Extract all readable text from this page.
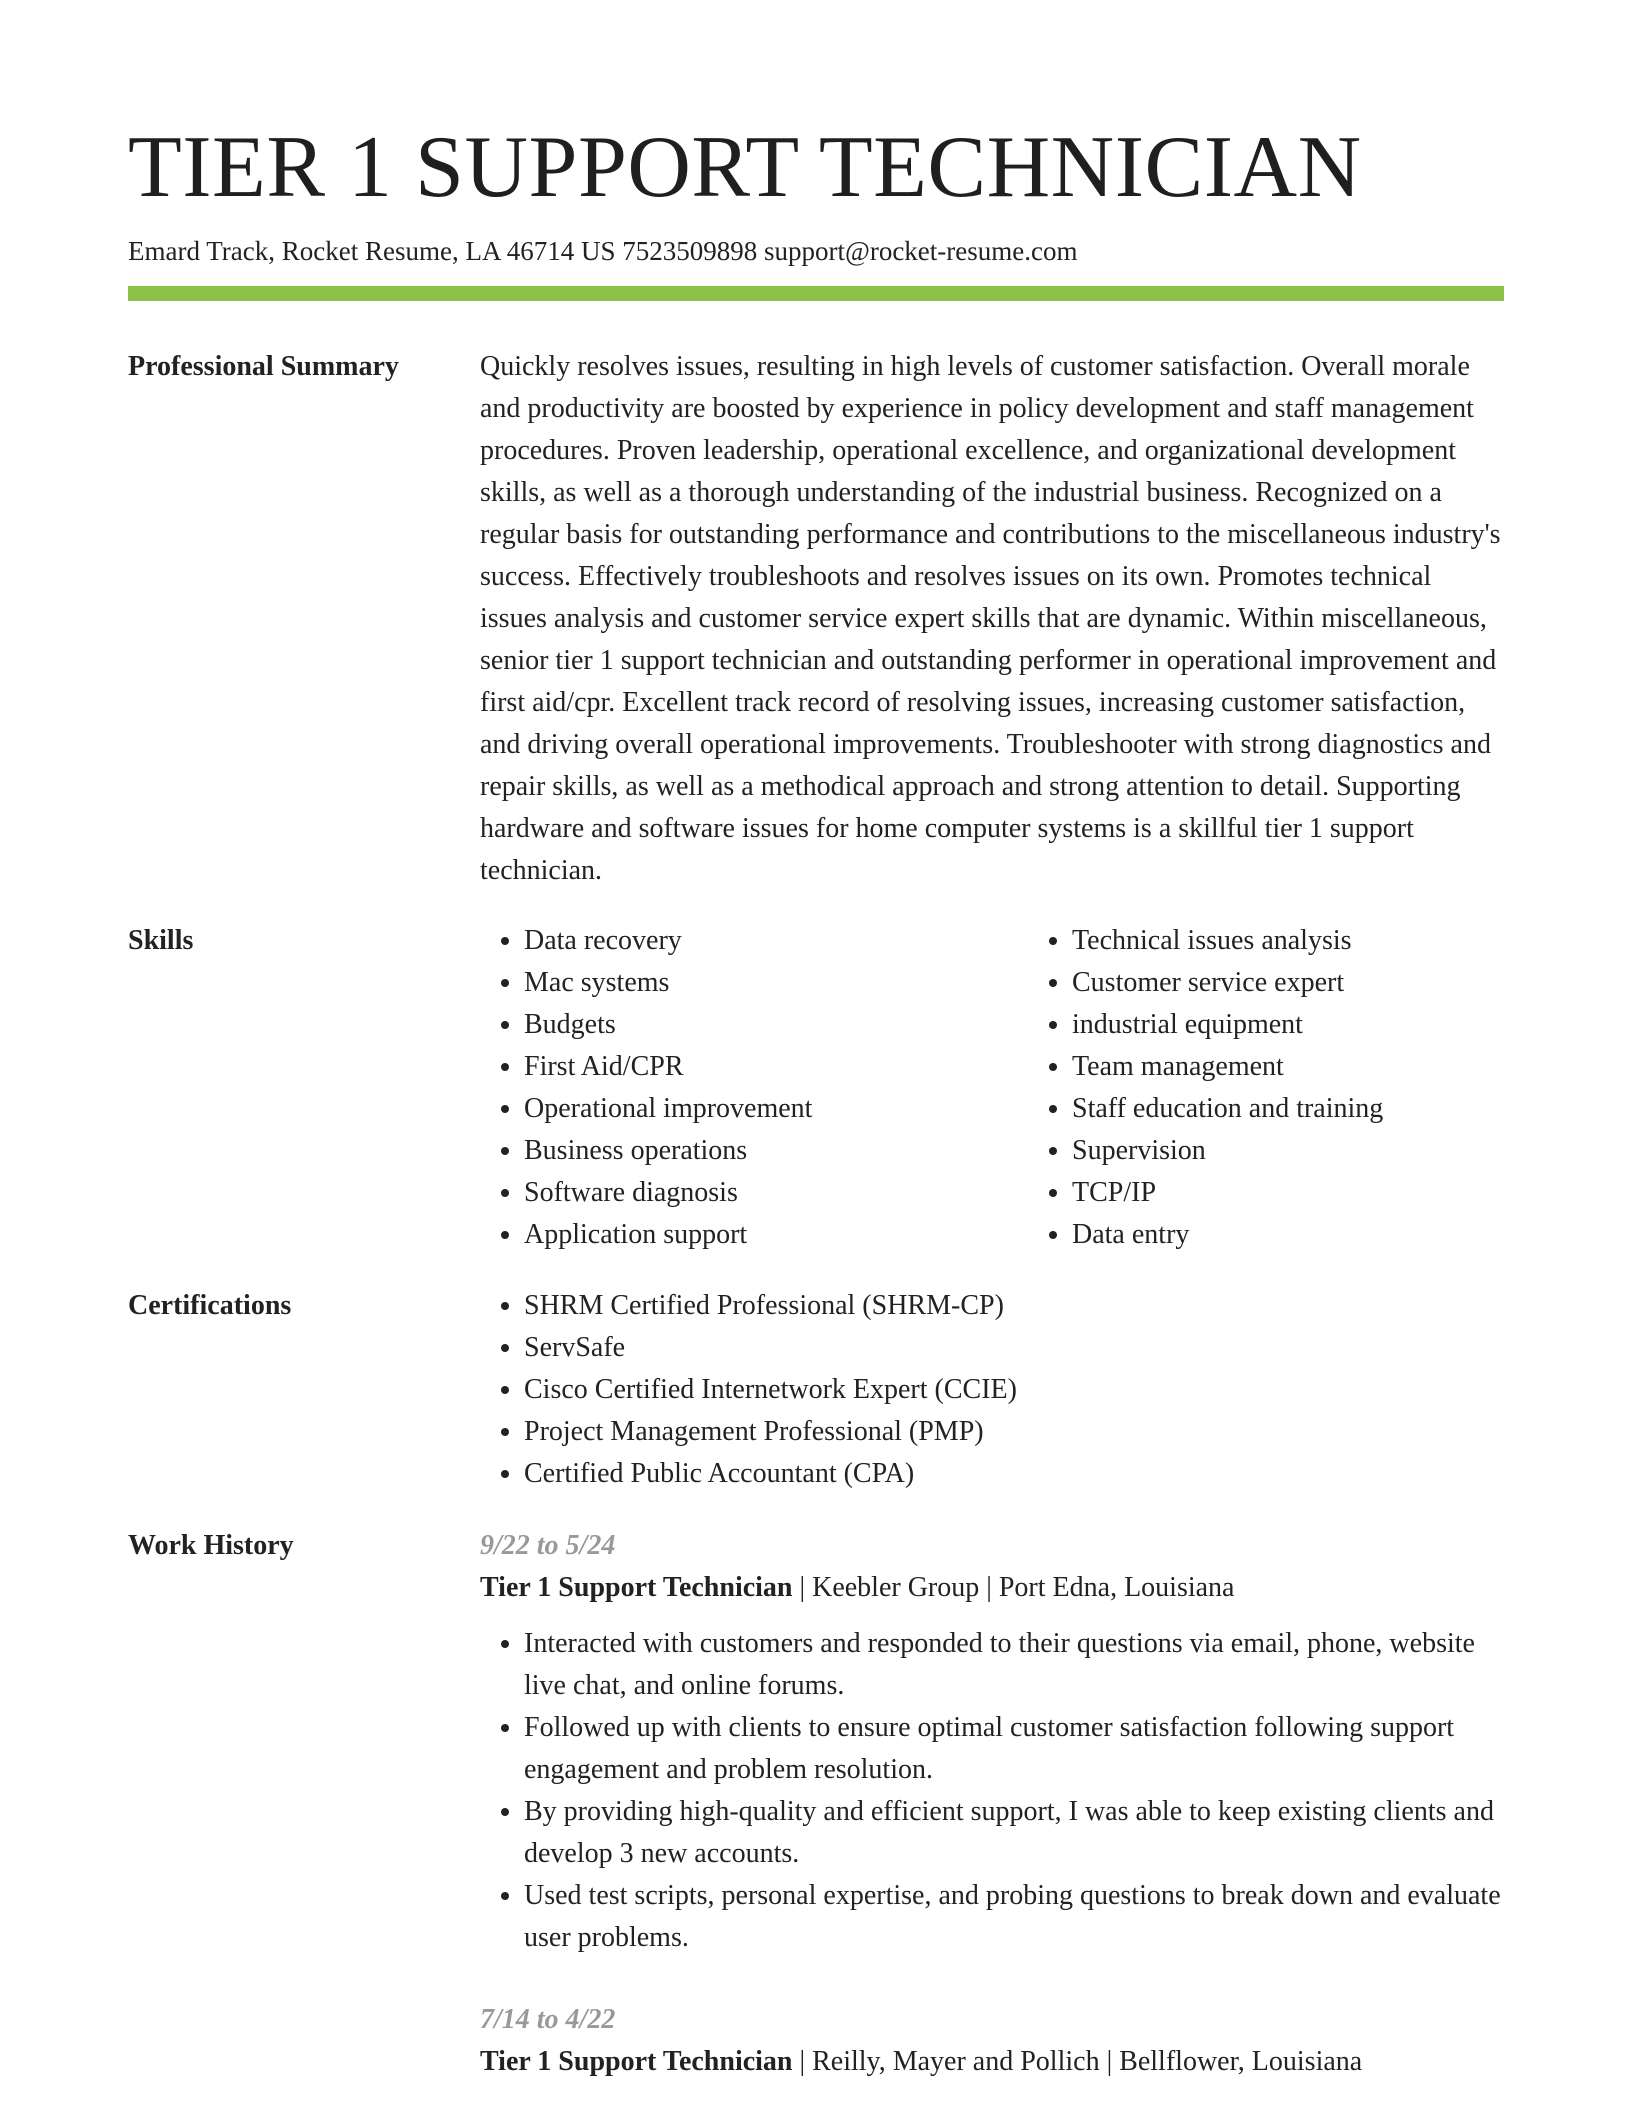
TIER 1 SUPPORT TECHNICIAN
Emard Track, Rocket Resume, LA 46714 US 7523509898 support@rocket-resume.com
Professional Summary	Quickly resolves issues, resulting in high levels of customer satisfaction. Overall morale and productivity are boosted by experience in policy development and staff management procedures. Proven leadership, operational excellence, and organizational development skills, as well as a thorough understanding of the industrial business. Recognized on a regular basis for outstanding performance and contributions to the miscellaneous industry's success. Effectively troubleshoots and resolves issues on its own. Promotes technical issues analysis and customer service expert skills that are dynamic. Within miscellaneous, senior tier 1 support technician and outstanding performer in operational improvement and first aid/cpr. Excellent track record of resolving issues, increasing customer satisfaction, and driving overall operational improvements. Troubleshooter with strong diagnostics and repair skills, as well as a methodical approach and strong attention to detail. Supporting hardware and software issues for home computer systems is a skillful tier 1 support technician.

Skills	• Data recovery
• Mac systems
• Budgets
• First Aid/CPR
• Operational improvement
• Business operations
• Software diagnosis
• Application support
• Technical issues analysis
• Customer service expert
• industrial equipment
• Team management
• Staff education and training
• Supervision
• TCP/IP
• Data entry
Certifications	• SHRM Certified Professional (SHRM-CP)
• ServSafe
• Cisco Certified Internetwork Expert (CCIE)
• Project Management Professional (PMP)
• Certified Public Accountant (CPA)
Work History	9/22 to 5/24
Tier 1 Support Technician | Keebler Group | Port Edna, Louisiana
• Interacted with customers and responded to their questions via email, phone, website live chat, and online forums.
• Followed up with clients to ensure optimal customer satisfaction following support engagement and problem resolution.
• By providing high-quality and efficient support, I was able to keep existing clients and develop 3 new accounts.
• Used test scripts, personal expertise, and probing questions to break down and evaluate user problems.
7/14 to 4/22
Tier 1 Support Technician | Reilly, Mayer and Pollich | Bellflower, Louisiana
